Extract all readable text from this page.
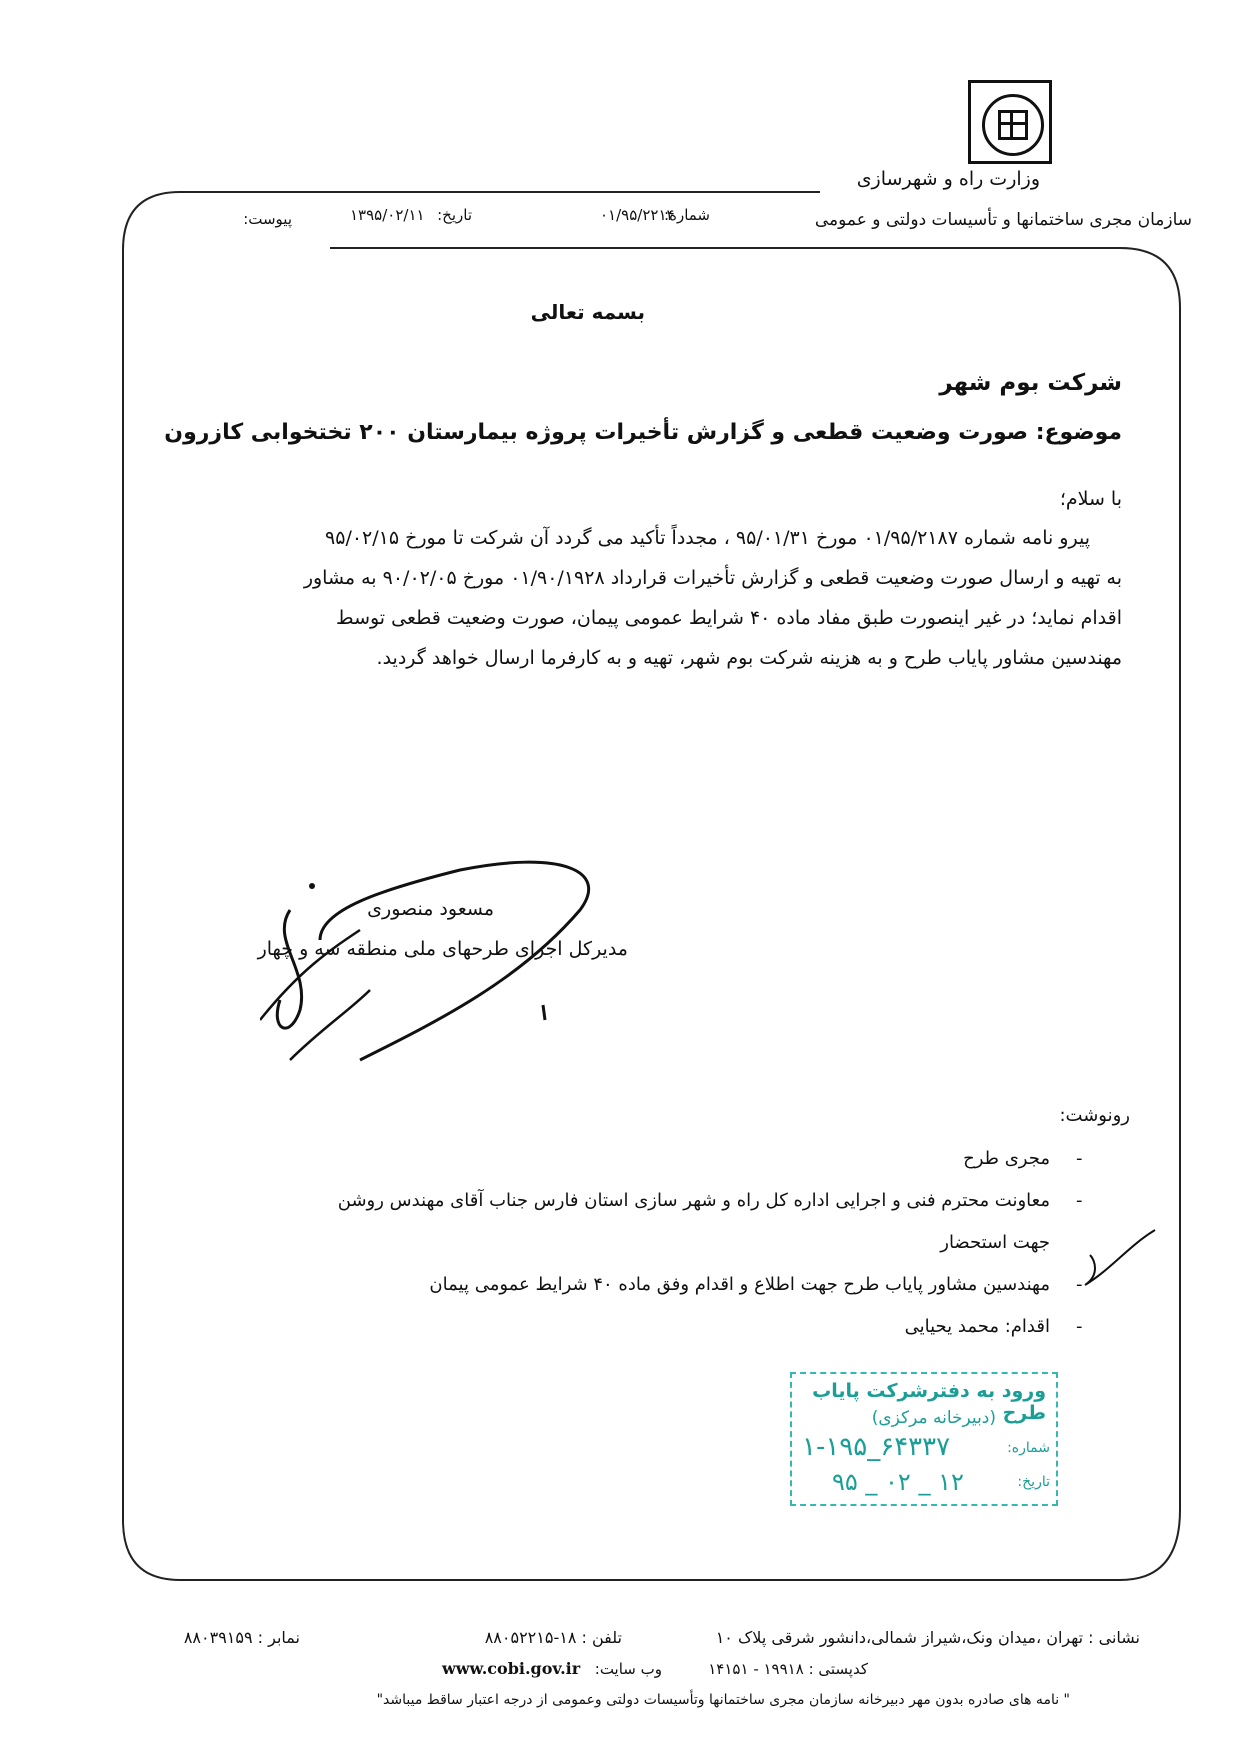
وزارت راه و شهرسازی
سازمان مجری ساختمانها و تأسیسات دولتی و عمومی
شماره:
۰۱/۹۵/۲۲۱۴
تاریخ:
۱۳۹۵/۰۲/۱۱
پیوست:
بسمه تعالی
شرکت بوم شهر
موضوع: صورت وضعیت قطعی و گزارش تأخیرات پروژه بیمارستان ۲۰۰ تختخوابی کازرون
با سلام؛
پیرو نامه شماره ۰۱/۹۵/۲۱۸۷ مورخ ۹۵/۰۱/۳۱ ، مجدداً تأکید می گردد آن شرکت تا مورخ ۹۵/۰۲/۱۵
به تهیه و ارسال صورت وضعیت قطعی و گزارش تأخیرات قرارداد ۰۱/۹۰/۱۹۲۸ مورخ ۹۰/۰۲/۰۵ به مشاور
اقدام نماید؛ در غیر اینصورت طبق مفاد ماده ۴۰ شرایط عمومی پیمان، صورت وضعیت قطعی توسط
مهندسین مشاور پایاب طرح و به هزینه شرکت بوم شهر، تهیه و به کارفرما ارسال خواهد گردید.
مسعود منصوری
مدیرکل اجرای طرحهای ملی منطقه سه و چهار
رونوشت:
-
مجری طرح
-
معاونت محترم فنی و اجرایی اداره کل راه و شهر سازی استان فارس جناب آقای مهندس روشن
جهت استحضار
-
مهندسین مشاور پایاب طرح جهت اطلاع و اقدام وفق ماده ۴۰ شرایط عمومی پیمان
-
اقدام: محمد یحیایی
ورود به دفترشرکت پایاب طرح
(دبیرخانه مرکزی)
شماره:
۱-۱۹۵_۶۴۳۳۷
تاریخ:
۹۵ _ ۰۲ _ ۱۲
نشانی : تهران ،میدان ونک،شیراز شمالی،دانشور شرقی پلاک ۱۰
کدپستی : ۱۹۹۱۸ - ۱۴۱۵۱
تلفن : ۱۸-۸۸۰۵۲۲۱۵
وب سایت:
www.cobi.gov.ir
نمابر : ۸۸۰۳۹۱۵۹
" نامه های صادره بدون مهر دبیرخانه سازمان مجری ساختمانها وتأسیسات دولتی وعمومی از درجه اعتبار ساقط میباشد"
